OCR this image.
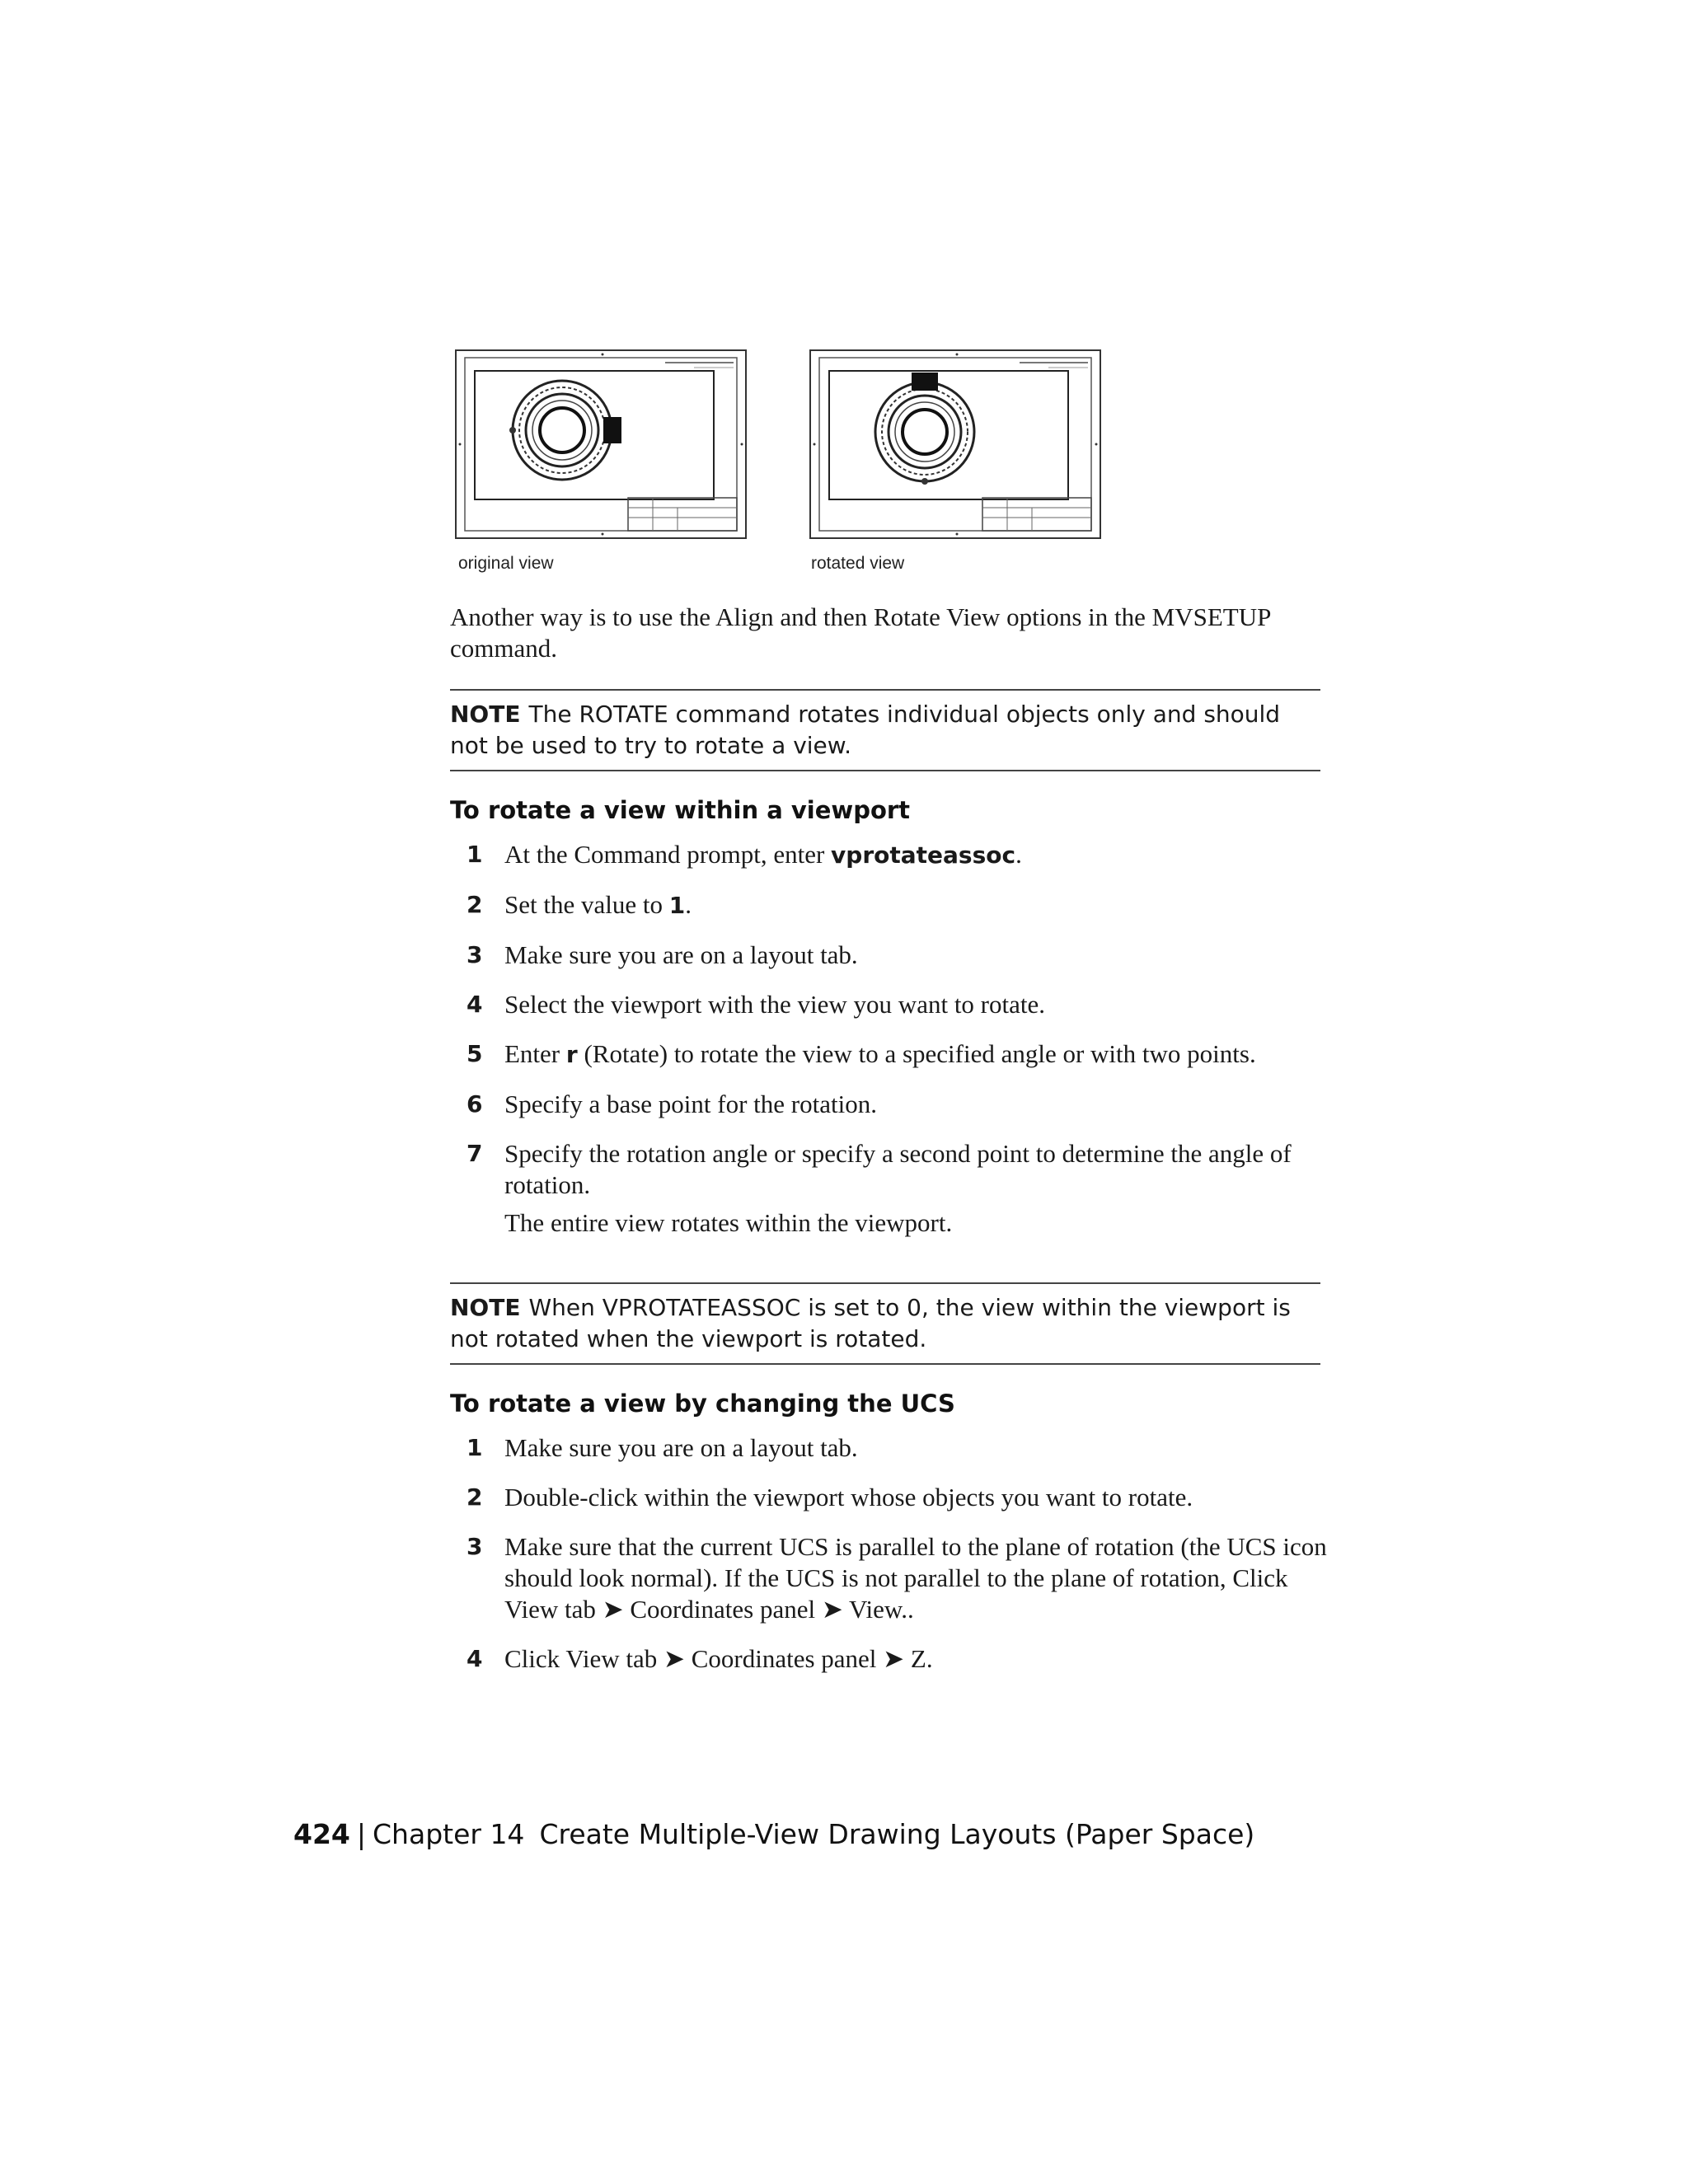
original view	rotated view
Another way is to use the Align and then Rotate View options in the MVSETUP command.
NOTE The ROTATE command rotates individual objects only and should not be used to try to rotate a view.
To rotate a view within a viewport
1 At the Command prompt, enter vprotateassoc.
2 Set the value to 1.
3 Make sure you are on a layout tab.
4 Select the viewport with the view you want to rotate.
5 Enter r (Rotate) to rotate the view to a specified angle or with two points.
6 Specify a base point for the rotation.
7 Specify the rotation angle or specify a second point to determine the angle of rotation.
The entire view rotates within the viewport.
NOTE When VPROTATEASSOC is set to 0, the view within the viewport is not rotated when the viewport is rotated.
To rotate a view by changing the UCS
1 Make sure you are on a layout tab.
2 Double-click within the viewport whose objects you want to rotate.
3 Make sure that the current UCS is parallel to the plane of rotation (the UCS icon should look normal). If the UCS is not parallel to the plane of rotation, Click View tab ➤ Coordinates panel ➤ View..
4 Click View tab ➤ Coordinates panel ➤ Z.
424 | Chapter 14 Create Multiple-View Drawing Layouts (Paper Space)
